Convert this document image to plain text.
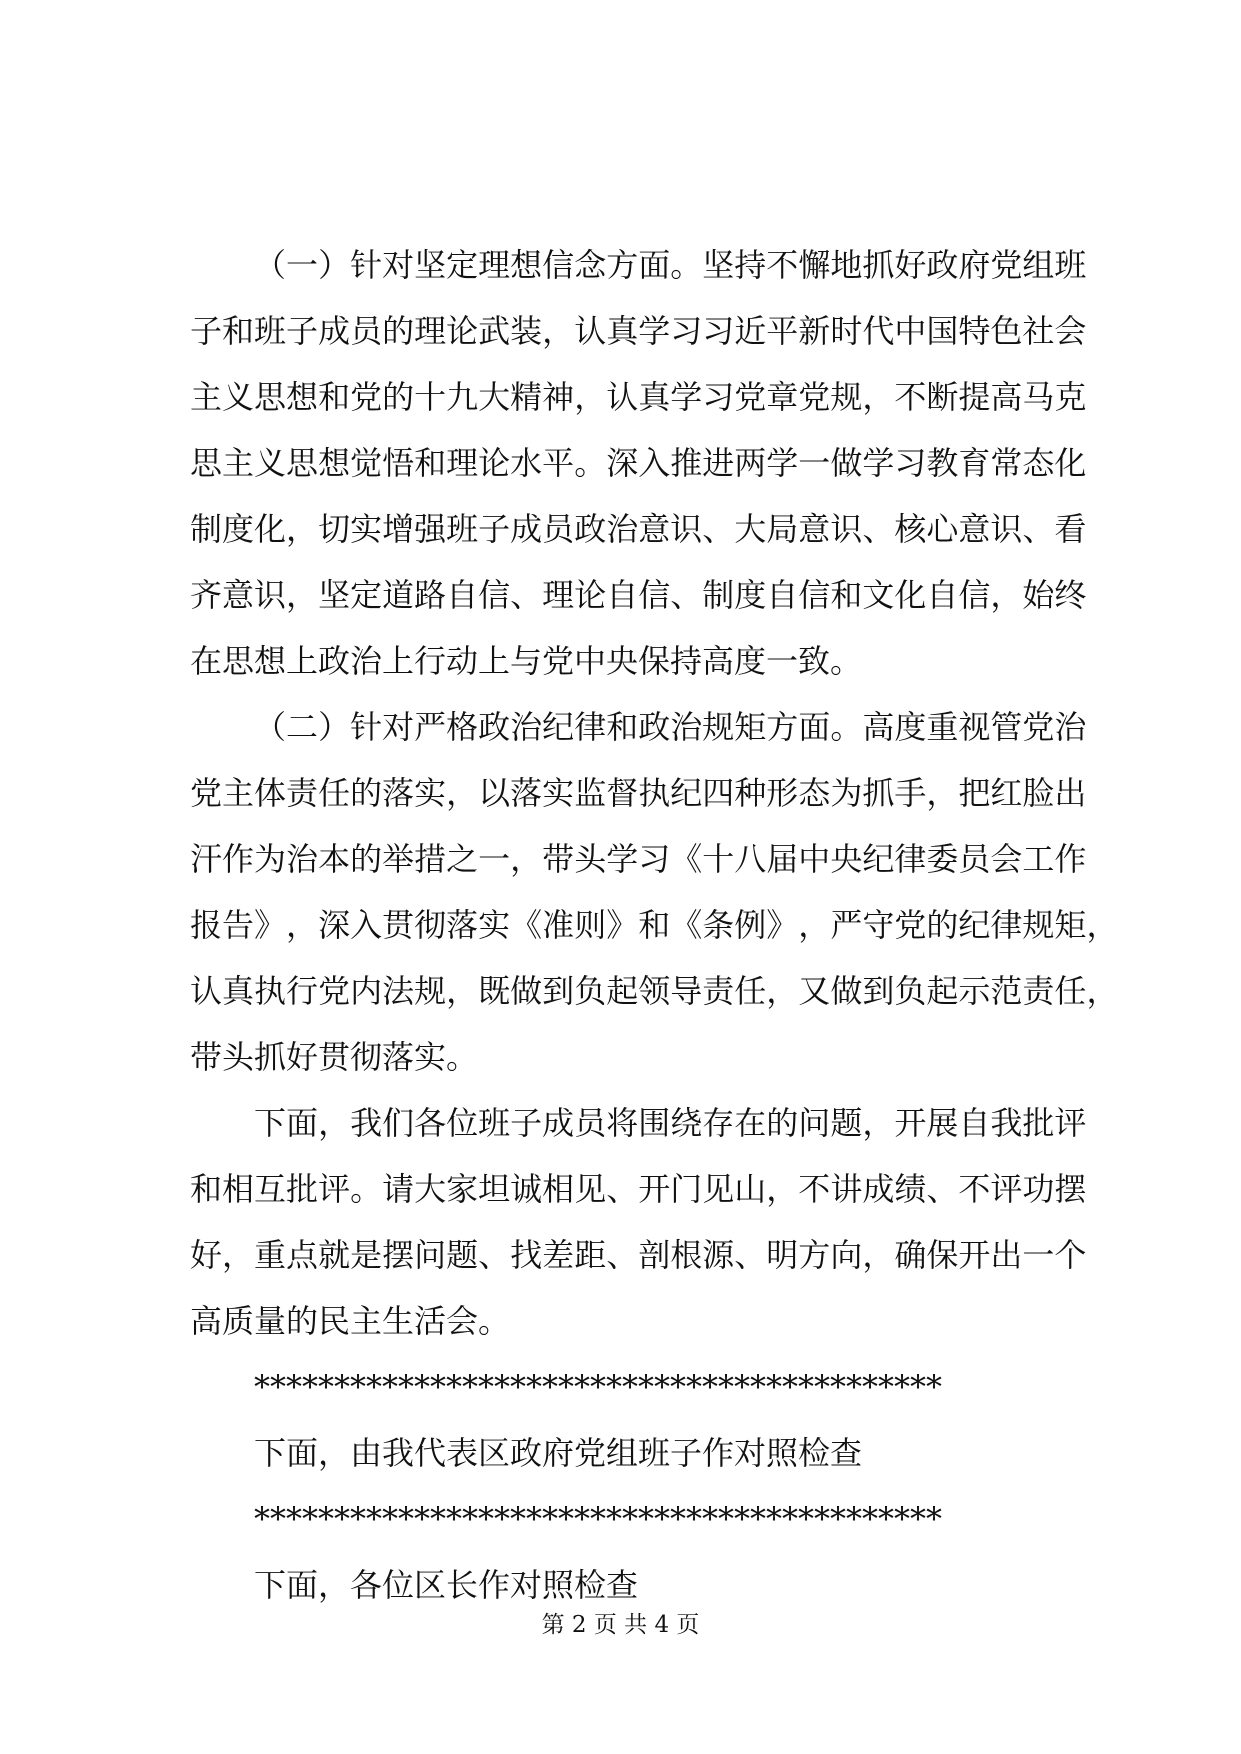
（ 一 ） 针 对 坚 定 理 想 信 念 方 面 。 坚 持 不 懈 地 抓 好 政 府 党 组 班
子 和 班 子 成 员 的 理 论 武 装 ， 认 真 学 习 习 近 平 新 时 代 中 国 特 色 社 会
主 义 思 想 和 党 的 十 九 大 精 神 ， 认 真 学 习 党 章 党 规 ， 不 断 提 高 马 克
思 主 义 思 想 觉 悟 和 理 论 水 平 。 深 入 推 进 两 学 一 做 学 习 教 育 常 态 化
制 度 化 ， 切 实 增 强 班 子 成 员 政 治 意 识 、 大 局 意 识 、 核 心 意 识 、 看
齐 意 识 ， 坚 定 道 路 自 信 、 理 论 自 信 、 制 度 自 信 和 文 化 自 信 ， 始 终
在思想上政治上行动上与党中央保持高度一致。

（ 二 ） 针 对 严 格 政 治 纪 律 和 政 治 规 矩 方 面 。 高 度 重 视 管 党 治
党 主 体 责 任 的 落 实 ， 以 落 实 监 督 执 纪 四 种 形 态 为 抓 手 ， 把 红 脸 出
汗 作 为 治 本 的 举 措 之 一 ， 带 头 学 习 《 十 八 届 中 央 纪 律 委 员 会 工 作
报 告 》 ， 深 入 贯 彻 落 实 《 准 则 》 和 《 条 例 》 ， 严 守 党 的 纪 律 规 矩 ，
认 真 执 行 党 内 法 规 ， 既 做 到 负 起 领 导 责 任 ， 又 做 到 负 起 示 范 责 任 ，
带头抓好贯彻落实。

下 面 ， 我 们 各 位 班 子 成 员 将 围 绕 存 在 的 问 题 ， 开 展 自 我 批 评
和 相 互 批 评 。 请 大 家 坦 诚 相 见 、 开 门 见 山 ， 不 讲 成 绩 、 不 评 功 摆
好 ， 重 点 就 是 摆 问 题 、 找 差 距 、 剖 根 源 、 明 方 向 ， 确 保 开 出 一 个
高质量的民主生活会。
　　*******************************************
　　下面，由我代表区政府党组班子作对照检查
　　*******************************************
　　下面，各位区长作对照检查
第 2 页 共 4 页
